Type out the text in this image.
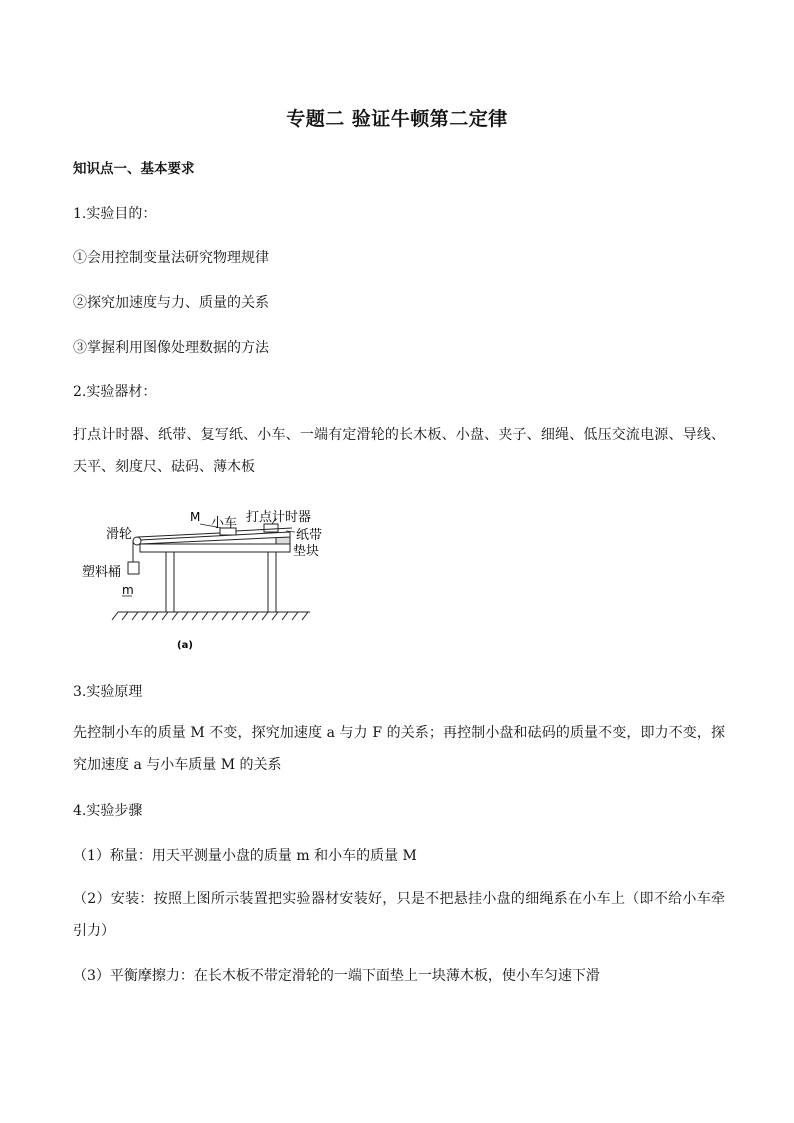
专题二 验证牛顿第二定律
知识点一、基本要求
1.实验目的：
①会用控制变量法研究物理规律
②探究加速度与力、质量的关系
③掌握利用图像处理数据的方法
2.实验器材：
打点计时器、纸带、复写纸、小车、一端有定滑轮的长木板、小盘、夹子、细绳、低压交流电源、导线、天平、刻度尺、砝码、薄木板
滑轮
M 小车 打点计时器
纸带
垫块
塑料桶
m
(a)
3.实验原理
先控制小车的质量 M 不变，探究加速度 a 与力 F 的关系；再控制小盘和砝码的质量不变，即力不变，探究加速度 a 与小车质量 M 的关系
4.实验步骤
（1）称量：用天平测量小盘的质量 m 和小车的质量 M
（2）安装：按照上图所示装置把实验器材安装好，只是不把悬挂小盘的细绳系在小车上（即不给小车牵引力）
（3）平衡摩擦力：在长木板不带定滑轮的一端下面垫上一块薄木板，使小车匀速下滑
